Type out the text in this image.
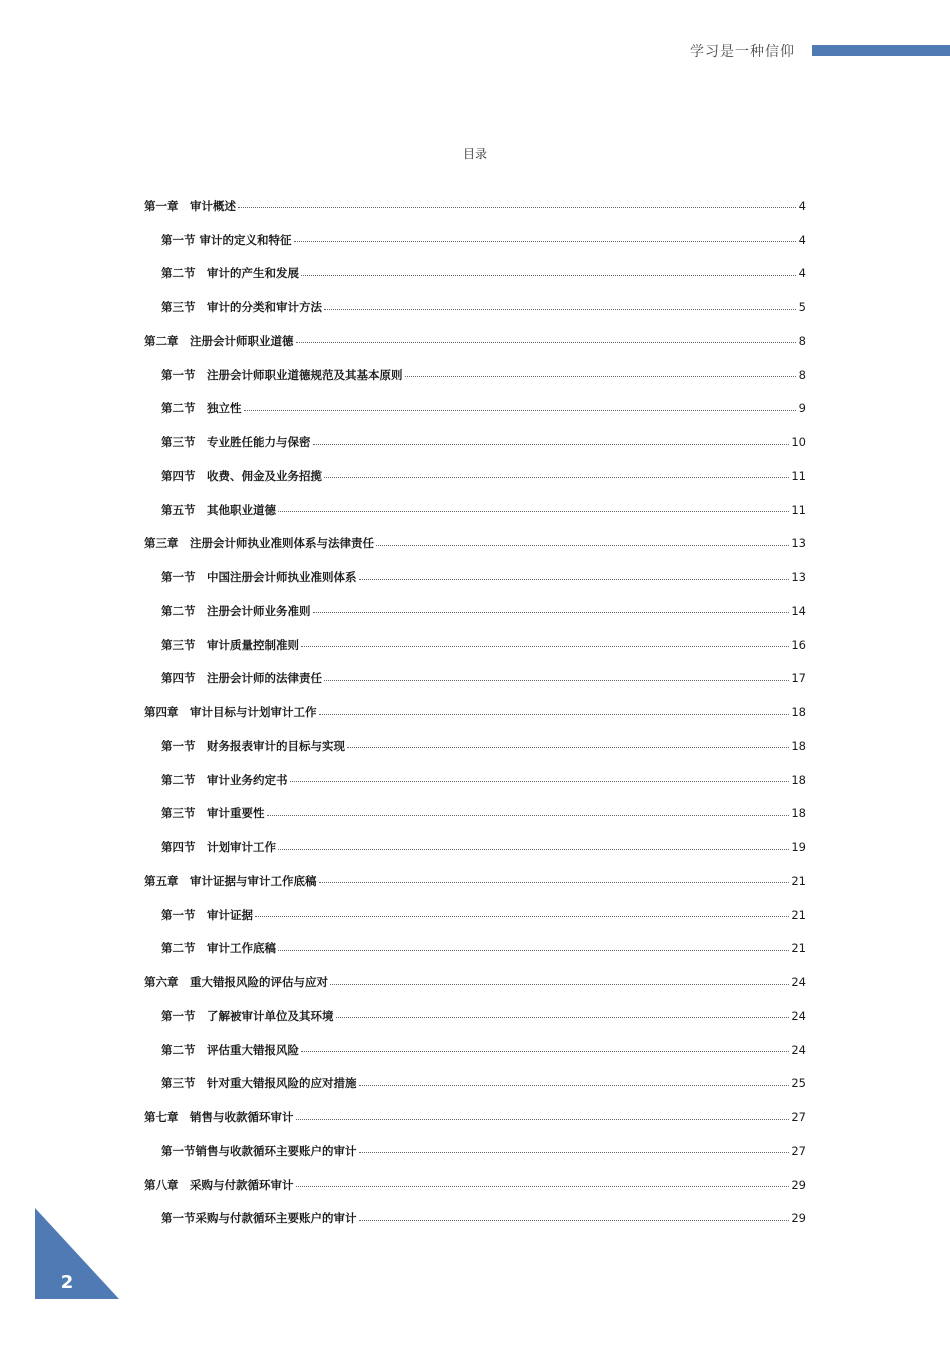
学习是一种信仰
目录
第一章　审计概述	4
第一节 审计的定义和特征	4
第二节　审计的产生和发展	4
第三节　审计的分类和审计方法	5
第二章　注册会计师职业道德	8
第一节　注册会计师职业道德规范及其基本原则	8
第二节　独立性	9
第三节　专业胜任能力与保密	10
第四节　收费、佣金及业务招揽	11
第五节　其他职业道德	11
第三章　注册会计师执业准则体系与法律责任	13
第一节　中国注册会计师执业准则体系	13
第二节　注册会计师业务准则	14
第三节　审计质量控制准则	16
第四节　注册会计师的法律责任	17
第四章　审计目标与计划审计工作	18
第一节　财务报表审计的目标与实现	18
第二节　审计业务约定书	18
第三节　审计重要性	18
第四节　计划审计工作	19
第五章　审计证据与审计工作底稿	21
第一节　审计证据	21
第二节　审计工作底稿	21
第六章　重大错报风险的评估与应对	24
第一节　了解被审计单位及其环境	24
第二节　评估重大错报风险	24
第三节　针对重大错报风险的应对措施	25
第七章　销售与收款循环审计	27
第一节销售与收款循环主要账户的审计	27
第八章　采购与付款循环审计	29
第一节采购与付款循环主要账户的审计	29
2
